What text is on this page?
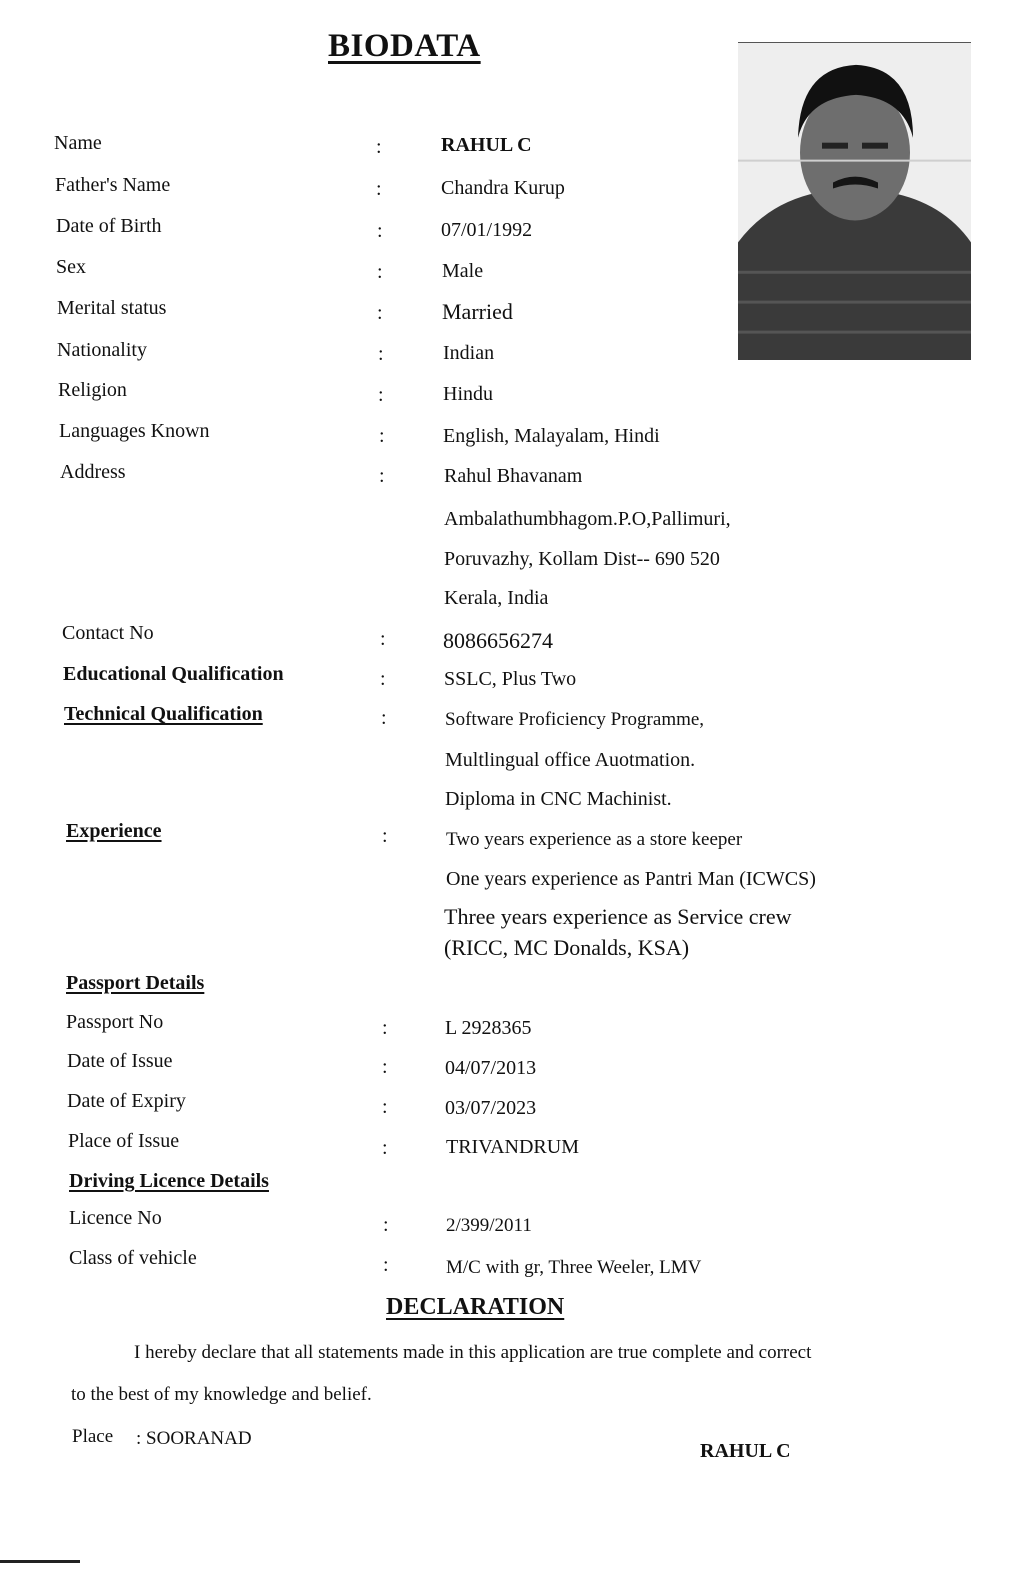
BIODATA
Name	:	RAHUL C
Father's Name	:	Chandra Kurup
Date of Birth	:	07/01/1992
Sex	:	Male
Merital status	:	Married
Nationality	:	Indian
Religion	:	Hindu
Languages Known	:	English, Malayalam, Hindi
Address	:	Rahul Bhavanam
Ambalathumbhagom.P.O,Pallimuri,
Poruvazhy, Kollam Dist-- 690 520
Kerala, India
Contact No	:	8086656274
Educational Qualification	:	SSLC, Plus Two
Technical Qualification	:	Software Proficiency Programme,
Multlingual office Auotmation.
Diploma in CNC Machinist.
Experience	:	Two years experience as a store keeper
One years experience as Pantri Man (ICWCS)
Three years experience as Service crew
(RICC, MC Donalds, KSA)
Passport Details
Passport No	:	L 2928365
Date of Issue	:	04/07/2013
Date of Expiry	:	03/07/2023
Place of Issue	:	TRIVANDRUM
Driving Licence Details
Licence No	:	2/399/2011
Class of vehicle	:	M/C with gr, Three Weeler, LMV
DECLARATION
I hereby declare that all statements made in this application are true complete and correct
to the best of my knowledge and belief.
Place : SOORANAD
RAHUL C
